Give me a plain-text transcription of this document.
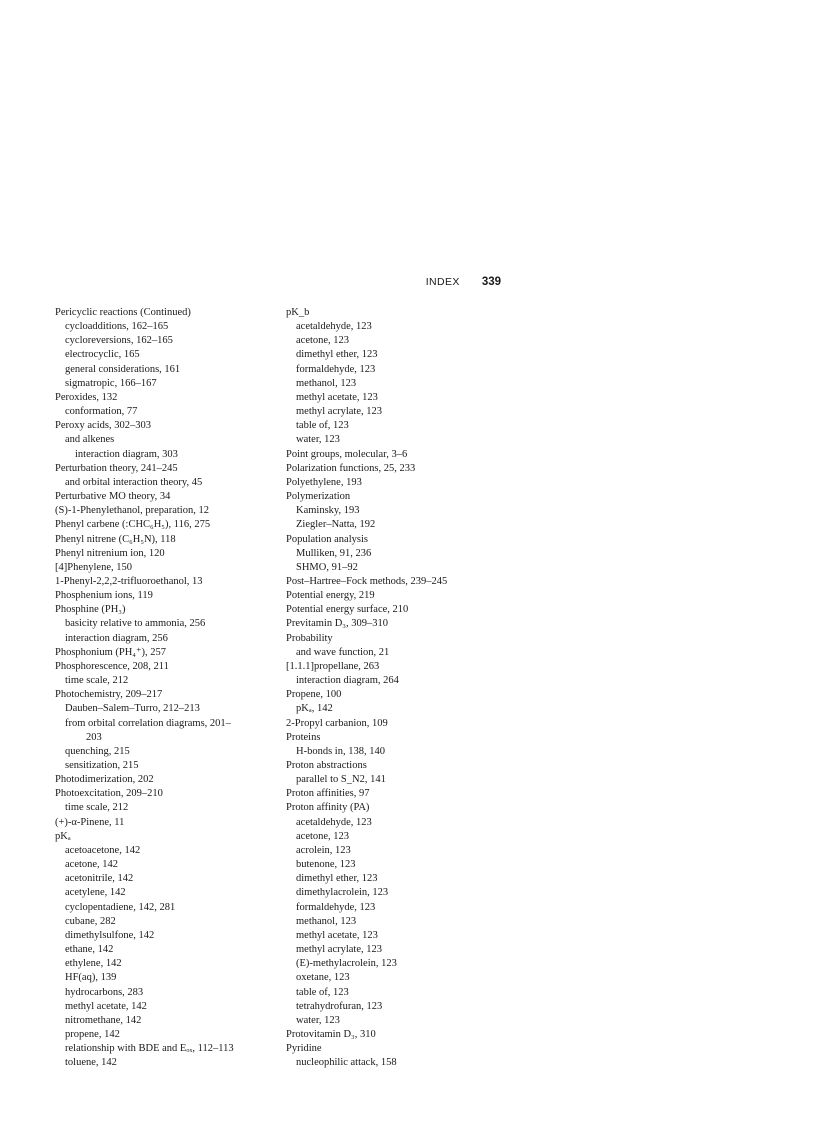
INDEX 339
Pericyclic reactions (Continued)
cycloadditions, 162–165
cycloreversions, 162–165
electrocyclic, 165
general considerations, 161
sigmatropic, 166–167
Peroxides, 132
conformation, 77
Peroxy acids, 302–303
and alkenes
interaction diagram, 303
Perturbation theory, 241–245
and orbital interaction theory, 45
Perturbative MO theory, 34
(S)-1-Phenylethanol, preparation, 12
Phenyl carbene (:CHC₆H₅), 116, 275
Phenyl nitrene (C₆H₅N), 118
Phenyl nitrenium ion, 120
[4]Phenylene, 150
1-Phenyl-2,2,2-trifluoroethanol, 13
Phosphenium ions, 119
Phosphine (PH₃)
basicity relative to ammonia, 256
interaction diagram, 256
Phosphonium (PH₄⁺), 257
Phosphorescence, 208, 211
time scale, 212
Photochemistry, 209–217
Dauben–Salem–Turro, 212–213
from orbital correlation diagrams, 201–
203
quenching, 215
sensitization, 215
Photodimerization, 202
Photoexcitation, 209–210
time scale, 212
(+)-α-Pinene, 11
pKₐ
acetoacetone, 142
acetone, 142
acetonitrile, 142
acetylene, 142
cyclopentadiene, 142, 281
cubane, 282
dimethylsulfone, 142
ethane, 142
ethylene, 142
HF(aq), 139
hydrocarbons, 283
methyl acetate, 142
nitromethane, 142
propene, 142
relationship with BDE and Eₒₓ, 112–113
toluene, 142
pK_b
acetaldehyde, 123
acetone, 123
dimethyl ether, 123
formaldehyde, 123
methanol, 123
methyl acetate, 123
methyl acrylate, 123
table of, 123
water, 123
Point groups, molecular, 3–6
Polarization functions, 25, 233
Polyethylene, 193
Polymerization
Kaminsky, 193
Ziegler–Natta, 192
Population analysis
Mulliken, 91, 236
SHMO, 91–92
Post–Hartree–Fock methods, 239–245
Potential energy, 219
Potential energy surface, 210
Previtamin D₃, 309–310
Probability
and wave function, 21
[1.1.1]propellane, 263
interaction diagram, 264
Propene, 100
pKₐ, 142
2-Propyl carbanion, 109
Proteins
H-bonds in, 138, 140
Proton abstractions
parallel to S_N2, 141
Proton affinities, 97
Proton affinity (PA)
acetaldehyde, 123
acetone, 123
acrolein, 123
butenone, 123
dimethyl ether, 123
dimethylacrolein, 123
formaldehyde, 123
methanol, 123
methyl acetate, 123
methyl acrylate, 123
(E)-methylacrolein, 123
oxetane, 123
table of, 123
tetrahydrofuran, 123
water, 123
Protovitamin D₃, 310
Pyridine
nucleophilic attack, 158
